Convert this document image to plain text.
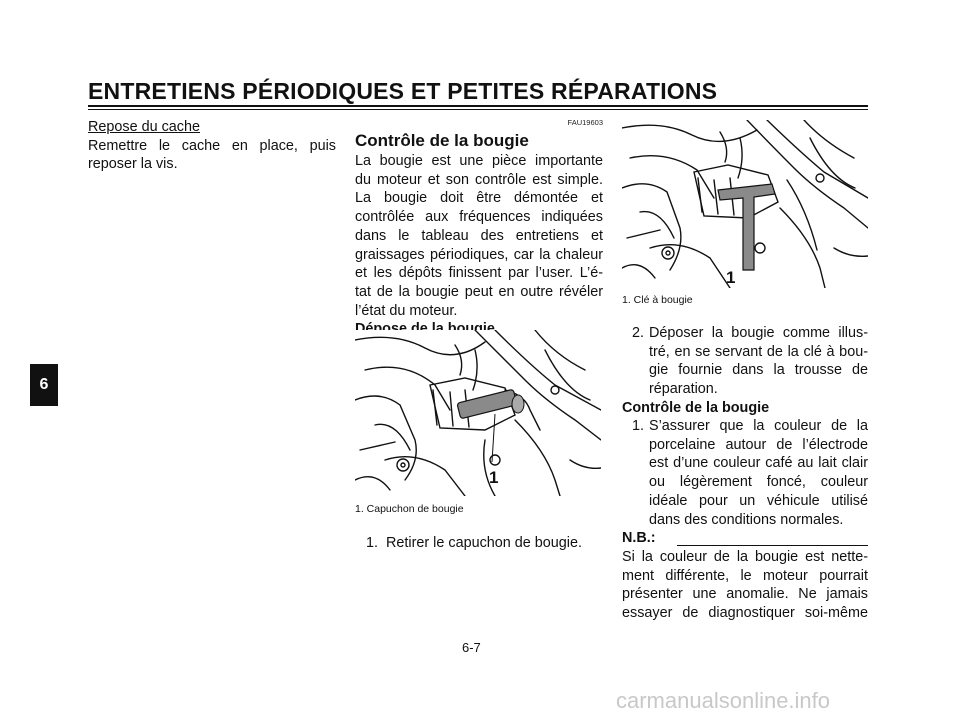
ENTRETIENS PÉRIODIQUES ET PETITES RÉPARATIONS
6
Repose du cache
Remettre le cache en place, puis
reposer la vis.
FAU19603
Contrôle de la bougie
La bougie est une pièce importante
du moteur et son contrôle est simple.
La bougie doit être démontée et
contrôlée aux fréquences indiquées
dans le tableau des entretiens et
graissages périodiques, car la chaleur
et les dépôts finissent par l’user. L’é-
tat de la bougie peut en outre révéler
l’état du moteur.
1
1. Capuchon de bougie
1. Retirer le capuchon de bougie.
1
1. Clé à bougie
2. Déposer la bougie comme illus-
tré, en se servant de la clé à bou-
gie fournie dans la trousse de
réparation.
Contrôle de la bougie
1. S’assurer que la couleur de la
porcelaine autour de l’électrode
est d’une couleur café au lait clair
ou légèrement foncé, couleur
idéale pour un véhicule utilisé
dans des conditions normales.
N.B.:
Si la couleur de la bougie est nette-
ment différente, le moteur pourrait
présenter une anomalie. Ne jamais
essayer de diagnostiquer soi-même
6-7
carmanualsonline.info
